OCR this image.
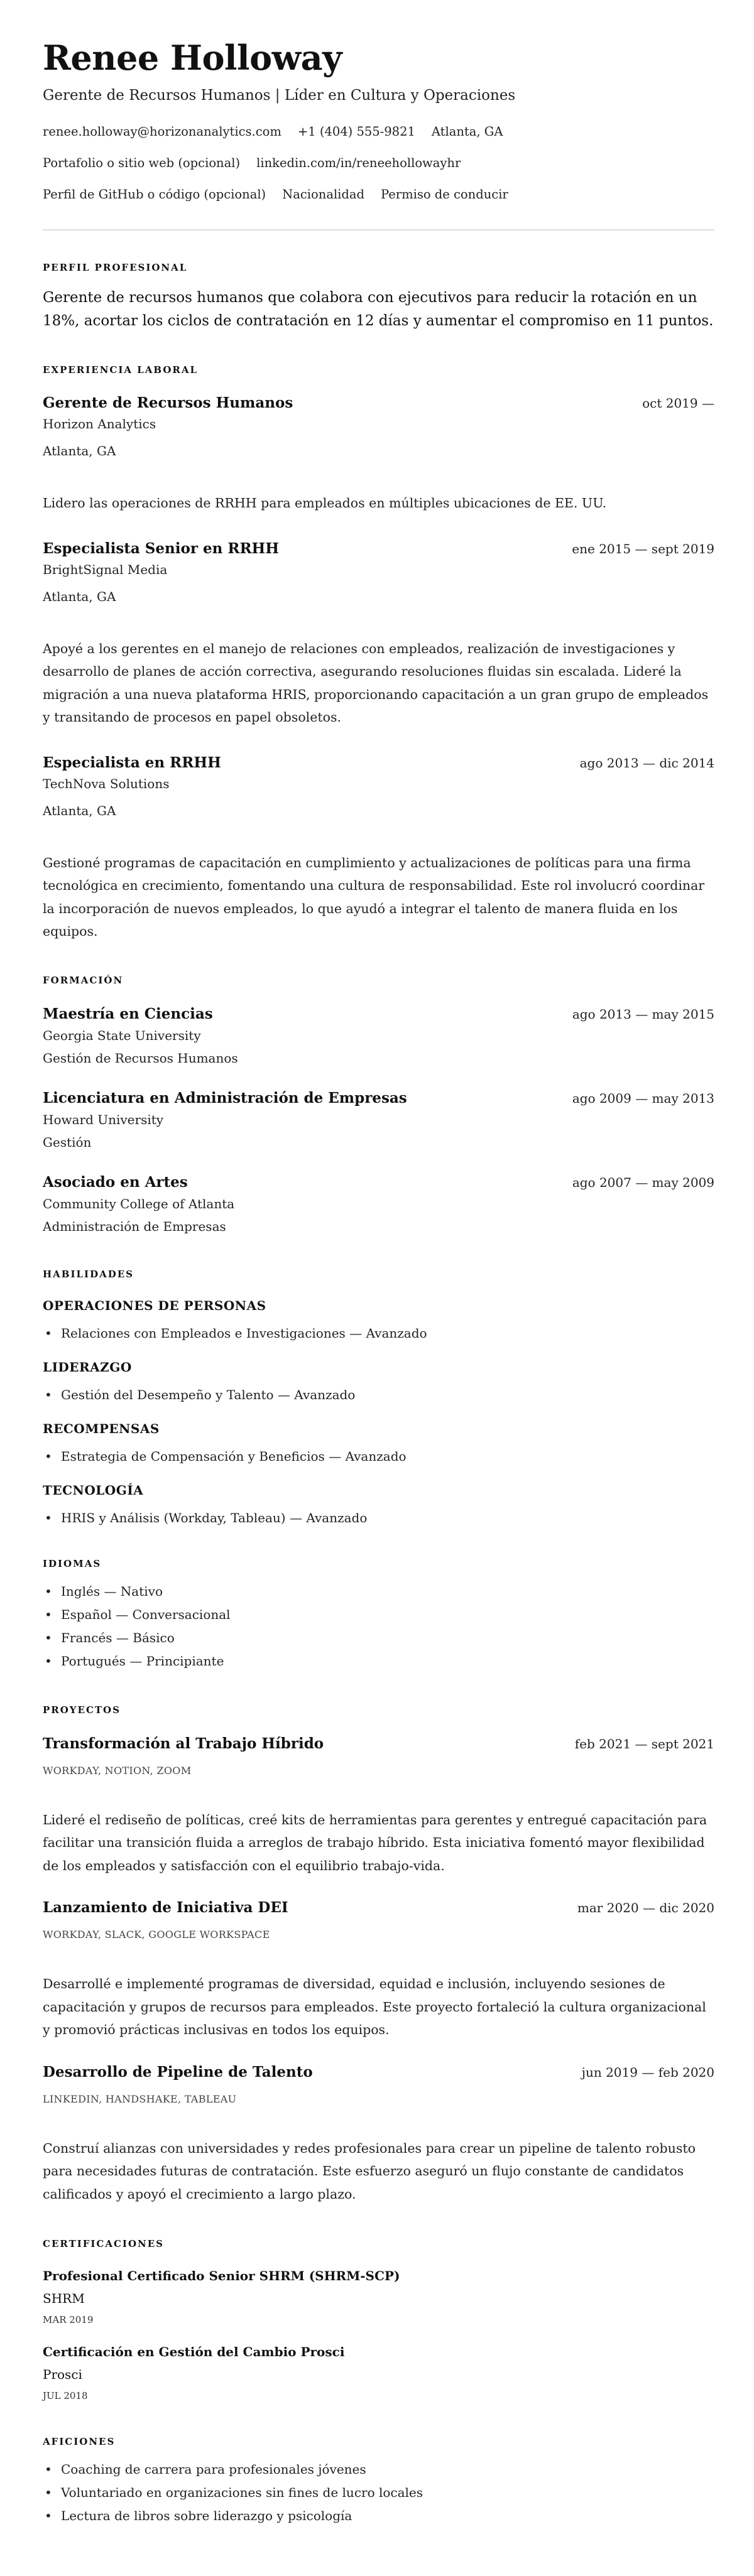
Renee Holloway
Gerente de Recursos Humanos | Líder en Cultura y Operaciones
renee.holloway@horizonanalytics.com +1 (404) 555-9821 Atlanta, GA
Portafolio o sitio web (opcional) linkedin.com/in/reneehollowayhr
Perfil de GitHub o código (opcional) Nacionalidad Permiso de conducir
PERFIL PROFESIONAL

Gerente de recursos humanos que colabora con ejecutivos para reducir la rotación en un 18%, acortar los ciclos de contratación en 12 días y aumentar el compromiso en 11 puntos.

EXPERIENCIA LABORAL
Gerente de Recursos Humanos	oct 2019 —
Horizon Analytics
Atlanta, GA
Lidero las operaciones de RRHH para empleados en múltiples ubicaciones de EE. UU.
Especialista Senior en RRHH	ene 2015 — sept 2019
BrightSignal Media
Atlanta, GA
Apoyé a los gerentes en el manejo de relaciones con empleados, realización de investigaciones y desarrollo de planes de acción correctiva, asegurando resoluciones fluidas sin escalada. Lideré la migración a una nueva plataforma HRIS, proporcionando capacitación a un gran grupo de empleados y transitando de procesos en papel obsoletos.
Especialista en RRHH	ago 2013 — dic 2014
TechNova Solutions
Atlanta, GA
Gestioné programas de capacitación en cumplimiento y actualizaciones de políticas para una firma tecnológica en crecimiento, fomentando una cultura de responsabilidad. Este rol involucró coordinar la incorporación de nuevos empleados, lo que ayudó a integrar el talento de manera fluida en los equipos.
FORMACIÓN
Maestría en Ciencias	ago 2013 — may 2015
Georgia State University
Gestión de Recursos Humanos
Licenciatura en Administración de Empresas	ago 2009 — may 2013
Howard University
Gestión
Asociado en Artes	ago 2007 — may 2009
Community College of Atlanta
Administración de Empresas
HABILIDADES
OPERACIONES DE PERSONAS
• Relaciones con Empleados e Investigaciones — Avanzado
LIDERAZGO
• Gestión del Desempeño y Talento — Avanzado
RECOMPENSAS
• Estrategia de Compensación y Beneficios — Avanzado
TECNOLOGÍA
• HRIS y Análisis (Workday, Tableau) — Avanzado
IDIOMAS
• Inglés — Nativo
• Español — Conversacional
• Francés — Básico
• Portugués — Principiante
PROYECTOS
Transformación al Trabajo Híbrido	feb 2021 — sept 2021
WORKDAY, NOTION, ZOOM
Lideré el rediseño de políticas, creé kits de herramientas para gerentes y entregué capacitación para facilitar una transición fluida a arreglos de trabajo híbrido. Esta iniciativa fomentó mayor flexibilidad de los empleados y satisfacción con el equilibrio trabajo-vida.
Lanzamiento de Iniciativa DEI	mar 2020 — dic 2020
WORKDAY, SLACK, GOOGLE WORKSPACE
Desarrollé e implementé programas de diversidad, equidad e inclusión, incluyendo sesiones de capacitación y grupos de recursos para empleados. Este proyecto fortaleció la cultura organizacional y promovió prácticas inclusivas en todos los equipos.
Desarrollo de Pipeline de Talento	jun 2019 — feb 2020
LINKEDIN, HANDSHAKE, TABLEAU
Construí alianzas con universidades y redes profesionales para crear un pipeline de talento robusto para necesidades futuras de contratación. Este esfuerzo aseguró un flujo constante de candidatos calificados y apoyó el crecimiento a largo plazo.
CERTIFICACIONES
Profesional Certificado Senior SHRM (SHRM-SCP)
SHRM
MAR 2019
Certificación en Gestión del Cambio Prosci
Prosci
JUL 2018
AFICIONES
• Coaching de carrera para profesionales jóvenes
• Voluntariado en organizaciones sin fines de lucro locales
• Lectura de libros sobre liderazgo y psicología
